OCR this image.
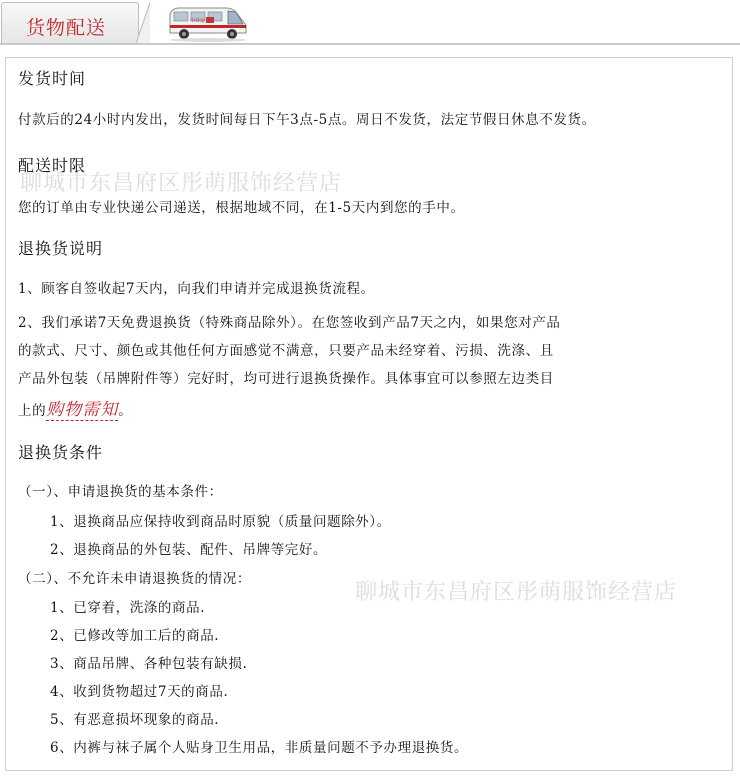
货物配送	中外运
聊城市东昌府区彤萌服饰经营店
聊城市东昌府区彤萌服饰经营店
发货时间
付款后的24小时内发出，发货时间每日下午3点-5点。周日不发货，法定节假日休息不发货。
配送时限
您的订单由专业快递公司递送，根据地域不同，在1-5天内到您的手中。
退换货说明
1、顾客自签收起7天内，向我们申请并完成退换货流程。
2、我们承诺7天免费退换货（特殊商品除外）。在您签收到产品7天之内，如果您对产品
的款式、尺寸、颜色或其他任何方面感觉不满意，只要产品未经穿着、污损、洗涤、且
产品外包装（吊牌附件等）完好时，均可进行退换货操作。具体事宜可以参照左边类目
上的购物需知。
退换货条件
（一）、申请退换货的基本条件：
1、退换商品应保持收到商品时原貌（质量问题除外）。
2、退换商品的外包装、配件、吊牌等完好。
（二）、不允许未申请退换货的情况：
1、已穿着，洗涤的商品.
2、已修改等加工后的商品.
3、商品吊牌、各种包装有缺损.
4、收到货物超过7天的商品.
5、有恶意损坏现象的商品.
6、内裤与袜子属个人贴身卫生用品，非质量问题不予办理退换货。
